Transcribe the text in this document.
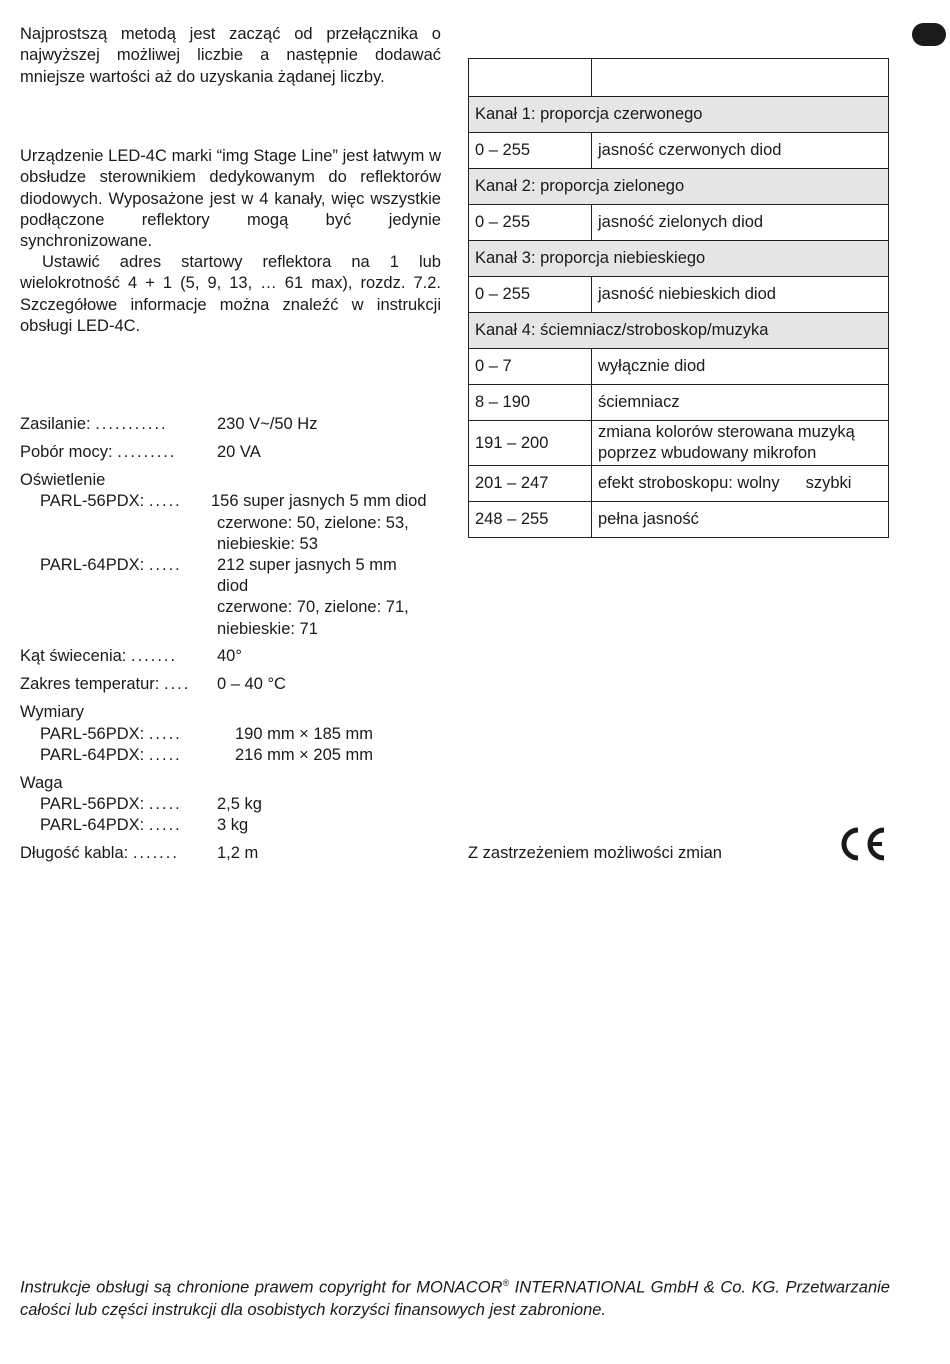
Najprostszą metodą jest zacząć od przełącznika o najwyższej możliwej liczbie a następnie dodawać mniejsze wartości aż do uzyskania żądanej liczby.
Urządzenie LED-4C marki “img Stage Line” jest łatwym w obsłudze sterownikiem dedykowanym do reflektorów diodowych. Wyposażone jest w 4 kanały, więc wszystkie podłączone reflektory mogą być jedynie synchronizowane.
Ustawić adres startowy reflektora na 1 lub wielokrotność 4 + 1 (5, 9, 13, … 61 max), rozdz. 7.2. Szczegółowe informacje można znaleźć w instrukcji obsługi LED-4C.
Zasilanie: ...........	230 V~/50 Hz
Pobór mocy: ......... 20 VA
Oświetlenie
PARL-56PDX: ..... 156 super jasnych 5 mm diod
czerwone: 50, zielone: 53,
niebieskie: 53
PARL-64PDX: ..... 212 super jasnych 5 mm
diod
czerwone: 70, zielone: 71,
niebieskie: 71
Kąt świecenia: ....... 40°
Zakres temperatur: .... 0 – 40 °C
Wymiary
PARL-56PDX: .....	190 mm × 185 mm
PARL-64PDX: .....	216 mm × 205 mm
Waga
PARL-56PDX: ..... 2,5 kg
PARL-64PDX: ..... 3 kg
Długość kabla: ....... 1,2 m

Kanał 1: proporcja czerwonego	
0 – 255	jasność czerwonych diod
Kanał 2: proporcja zielonego	
0 – 255	jasność zielonych diod
Kanał 3: proporcja niebieskiego	
0 – 255	jasność niebieskich diod
Kanał 4: ściemniacz/stroboskop/muzyka	
0 – 7	wyłącznie diod
8 – 190	ściemniacz
191 – 200	zmiana kolorów sterowana muzyką poprzez wbudowany mikrofon
201 – 247	efekt stroboskopu: wolny szybki
248 – 255	pełna jasność
Z zastrzeżeniem możliwości zmian
Instrukcje obsługi są chronione prawem copyright for MONACOR® INTERNATIONAL GmbH & Co. KG. Przetwarzanie całości lub części instrukcji dla osobistych korzyści finansowych jest zabronione.
